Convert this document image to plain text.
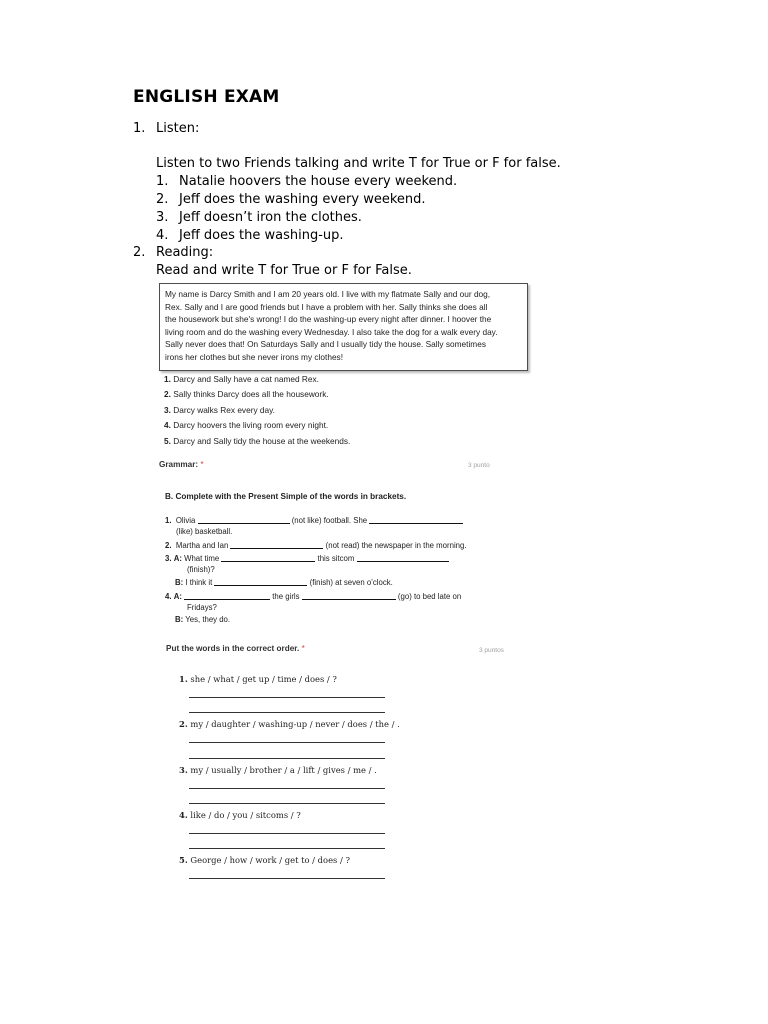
ENGLISH EXAM
1. Listen:
Listen to two Friends talking and write T for True or F for false.
1. Natalie hoovers the house every weekend.
2. Jeff does the washing every weekend.
3. Jeff doesn’t iron the clothes.
4. Jeff does the washing-up.
2. Reading:
Read and write T for True or F for False.
My name is Darcy Smith and I am 20 years old. I live with my flatmate Sally and our dog,
Rex. Sally and I are good friends but I have a problem with her. Sally thinks she does all
the housework but she's wrong! I do the washing-up every night after dinner. I hoover the
living room and do the washing every Wednesday. I also take the dog for a walk every day.
Sally never does that! On Saturdays Sally and I usually tidy the house. Sally sometimes
irons her clothes but she never irons my clothes!
1. Darcy and Sally have a cat named Rex.
2. Sally thinks Darcy does all the housework.
3. Darcy walks Rex every day.
4. Darcy hoovers the living room every night.
5. Darcy and Sally tidy the house at the weekends.
Grammar: *	3 punto
B. Complete with the Present Simple of the words in brackets.
1. Olivia	(not like) football. She
(like) basketball.
2. Martha and Ian	(not read) the newspaper in the morning.
3. A: What time	this sitcom
(finish)?
B: I think it	(finish) at seven o’clock.
4. A:	the girls	(go) to bed late on
Fridays?
B: Yes, they do.
Put the words in the correct order. *	3 puntos
1. she / what / get up / time / does / ?
2. my / daughter / washing-up / never / does / the / .
3. my / usually / brother / a / lift / gives / me / .
4. like / do / you / sitcoms / ?
5. George / how / work / get to / does / ?
